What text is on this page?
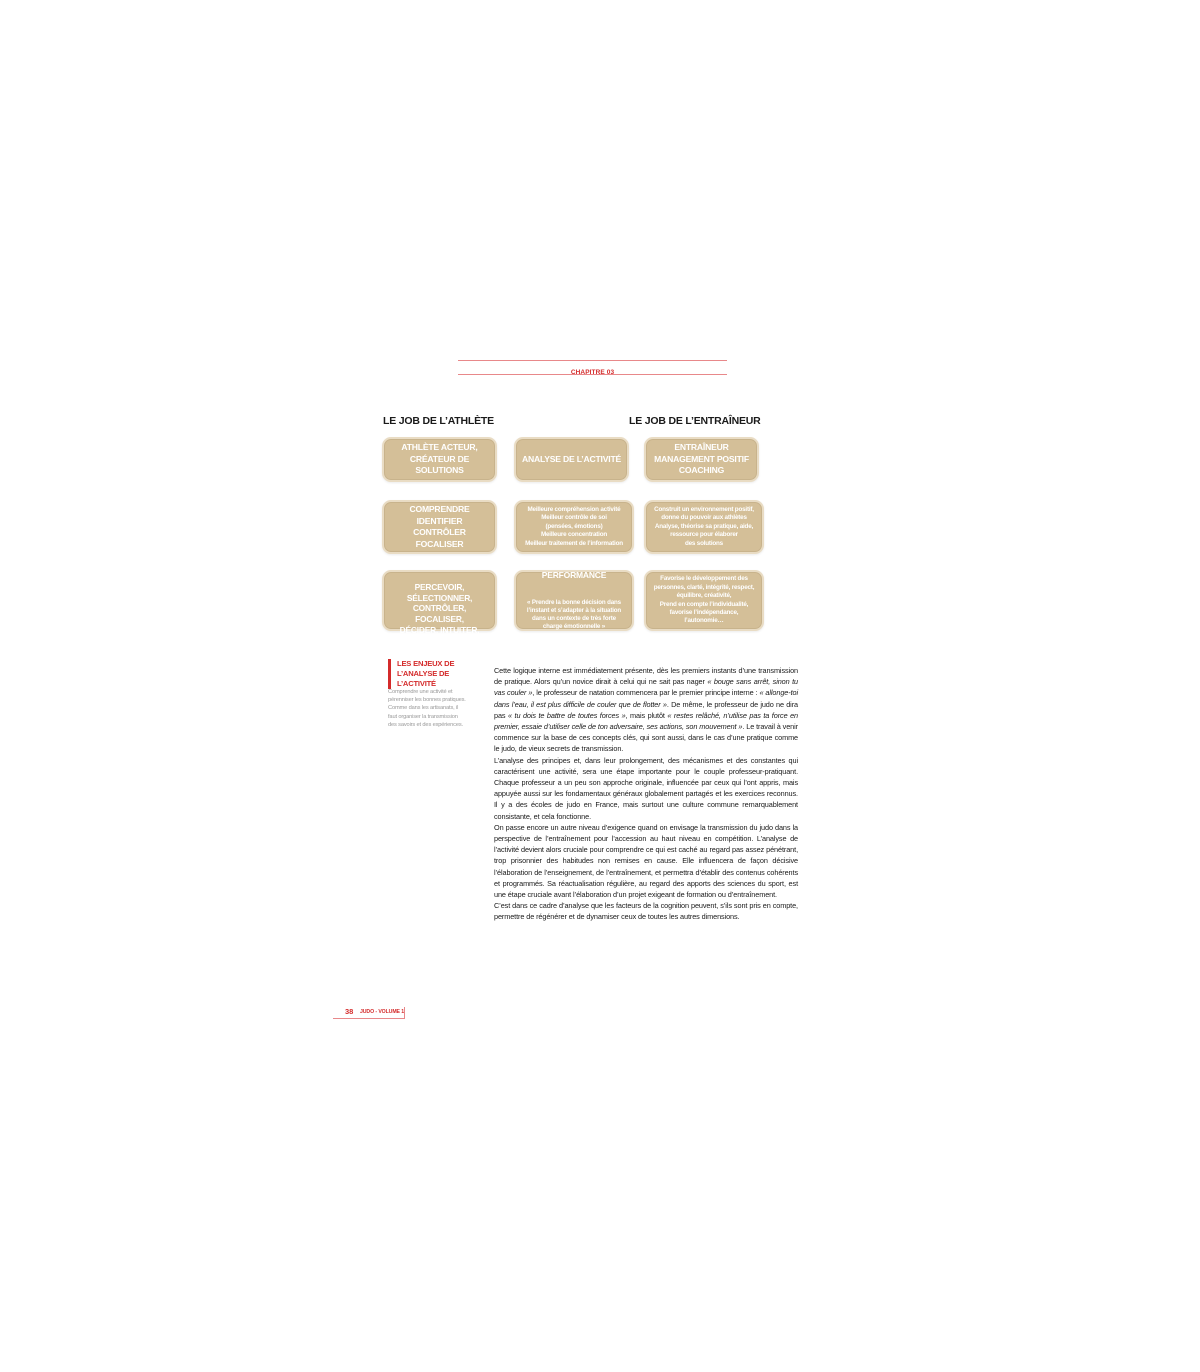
CHAPITRE 03
LE JOB DE L’ATHLÈTE	LE JOB DE L’ENTRAÎNEUR
ATHLÈTE ACTEUR,
CRÉATEUR DE SOLUTIONS
ANALYSE DE L’ACTIVITÉ
ENTRAÎNEUR
MANAGEMENT POSITIF
COACHING
COMPRENDRE
IDENTIFIER
CONTRÔLER
FOCALISER
Meilleure compréhension activité
Meilleur contrôle de soi
(pensées, émotions)
Meilleure concentration
Meilleur traitement de l’information
Construit un environnement positif,
donne du pouvoir aux athlètes
Analyse, théorise sa pratique, aide,
ressource pour élaborer
des solutions

S’entraîne, se prépare pour :

PERCEVOIR, SÉLECTIONNER,
CONTRÔLER, FOCALISER,
DÉCIDER, INTUITER,
ANTICIPER, S’ADAPTER

PERFORMANCE

« Prendre la bonne décision dans
l’instant et s’adapter à la situation
dans un contexte de très forte
charge émotionnelle »

Favorise le développement des
personnes, clarté, intégrité, respect,
équilibre, créativité,
Prend en compte l’individualité,
favorise l’indépendance,
l’autonomie…
LES ENJEUX DE
L’ANALYSE DE L’ACTIVITÉ
Comprendre une activité et
pérenniser les bonnes pratiques.
Comme dans les artisanats, il
faut organiser la transmission
des savoirs et des expériences.

Cette logique interne est immédiatement présente, dès les premiers instants d’une transmission de pratique. Alors qu’un novice dirait à celui qui ne sait pas nager « bouge sans arrêt, sinon tu vas couler », le professeur de natation commencera par le premier principe interne : « allonge-toi dans l’eau, il est plus difficile de couler que de flotter ». De même, le professeur de judo ne dira pas « tu dois te battre de toutes forces », mais plutôt « restes relâché, n’utilise pas ta force en premier, essaie d’utiliser celle de ton adversaire, ses actions, son mouvement ». Le travail à venir commence sur la base de ces concepts clés, qui sont aussi, dans le cas d’une pratique comme le judo, de vieux secrets de transmission.

L’analyse des principes et, dans leur prolongement, des mécanismes et des constantes qui caractérisent une activité, sera une étape importante pour le couple professeur-pratiquant. Chaque professeur a un peu son approche originale, influencée par ceux qui l’ont appris, mais appuyée aussi sur les fondamentaux généraux globalement partagés et les exercices reconnus. Il y a des écoles de judo en France, mais surtout une culture commune remarquablement consistante, et cela fonctionne.

On passe encore un autre niveau d’exigence quand on envisage la transmission du judo dans la perspective de l’entraînement pour l’accession au haut niveau en compétition. L’analyse de l’activité devient alors cruciale pour comprendre ce qui est caché au regard pas assez pénétrant, trop prisonnier des habitudes non remises en cause. Elle influencera de façon décisive l’élaboration de l’enseignement, de l’entraînement, et permettra d’établir des contenus cohérents et programmés. Sa réactualisation régulière, au regard des apports des sciences du sport, est une étape cruciale avant l’élaboration d’un projet exigeant de formation ou d’entraînement.

C’est dans ce cadre d’analyse que les facteurs de la cognition peuvent, s’ils sont pris en compte, permettre de régénérer et de dynamiser ceux de toutes les autres dimensions.

38 JUDO - VOLUME 1
